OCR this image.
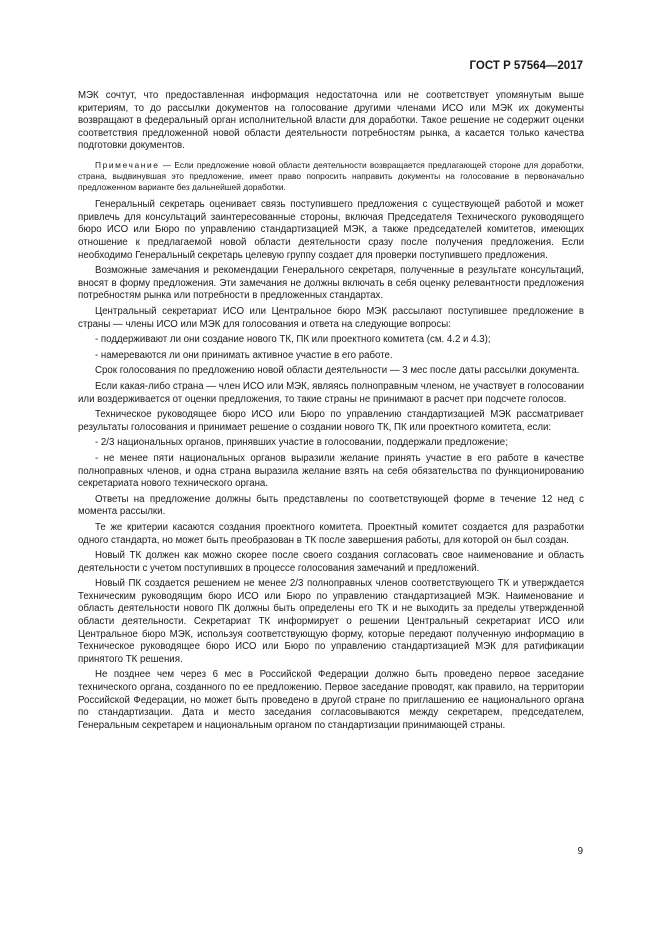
ГОСТ Р 57564—2017

МЭК сочтут, что предоставленная информация недостаточна или не соответствует упомянутым выше критериям, то до рассылки документов на голосование другими членами ИСО или МЭК их документы возвращают в федеральный орган исполнительной власти для доработки. Такое решение не содержит оценки соответствия предложенной новой области деятельности потребностям рынка, а касается только качества подготовки документов.

Примечание — Если предложение новой области деятельности возвращается предлагающей стороне для доработки, страна, выдвинувшая это предложение, имеет право попросить направить документы на голосование в первоначально предложенном варианте без дальнейшей доработки.

Генеральный секретарь оценивает связь поступившего предложения с существующей работой и может привлечь для консультаций заинтересованные стороны, включая Председателя Технического руководящего бюро ИСО или Бюро по управлению стандартизацией МЭК, а также председателей комитетов, имеющих отношение к предлагаемой новой области деятельности сразу после получения предложения. Если необходимо Генеральный секретарь целевую группу создает для проверки поступившего предложения.

Возможные замечания и рекомендации Генерального секретаря, полученные в результате консультаций, вносят в форму предложения. Эти замечания не должны включать в себя оценку релевантности предложения потребностям рынка или потребности в предложенных стандартах.

Центральный секретариат ИСО или Центральное бюро МЭК рассылают поступившее предложение в страны — члены ИСО или МЭК для голосования и ответа на следующие вопросы:

- поддерживают ли они создание нового ТК, ПК или проектного комитета (см. 4.2 и 4.3);

- намереваются ли они принимать активное участие в его работе.

Срок голосования по предложению новой области деятельности — 3 мес после даты рассылки документа.

Если какая-либо страна — член ИСО или МЭК, являясь полноправным членом, не участвует в голосовании или воздерживается от оценки предложения, то такие страны не принимают в расчет при подсчете голосов.

Техническое руководящее бюро ИСО или Бюро по управлению стандартизацией МЭК рассматривает результаты голосования и принимает решение о создании нового ТК, ПК или проектного комитета, если:

- 2/3 национальных органов, принявших участие в голосовании, поддержали предложение;

- не менее пяти национальных органов выразили желание принять участие в его работе в качестве полноправных членов, и одна страна выразила желание взять на себя обязательства по функционированию секретариата нового технического органа.

Ответы на предложение должны быть представлены по соответствующей форме в течение 12 нед с момента рассылки.

Те же критерии касаются создания проектного комитета. Проектный комитет создается для разработки одного стандарта, но может быть преобразован в ТК после завершения работы, для которой он был создан.

Новый ТК должен как можно скорее после своего создания согласовать свое наименование и область деятельности с учетом поступивших в процессе голосования замечаний и предложений.

Новый ПК создается решением не менее 2/3 полноправных членов соответствующего ТК и утверждается Техническим руководящим бюро ИСО или Бюро по управлению стандартизацией МЭК. Наименование и область деятельности нового ПК должны быть определены его ТК и не выходить за пределы утвержденной области деятельности. Секретариат ТК информирует о решении Центральный секретариат ИСО или Центральное бюро МЭК, используя соответствующую форму, которые передают полученную информацию в Техническое руководящее бюро ИСО или Бюро по управлению стандартизацией МЭК для ратификации принятого ТК решения.

Не позднее чем через 6 мес в Российской Федерации должно быть проведено первое заседание технического органа, созданного по ее предложению. Первое заседание проводят, как правило, на территории Российской Федерации, но может быть проведено в другой стране по приглашению ее национального органа по стандартизации. Дата и место заседания согласовываются между секретарем, председателем, Генеральным секретарем и национальным органом по стандартизации принимающей страны.

9
